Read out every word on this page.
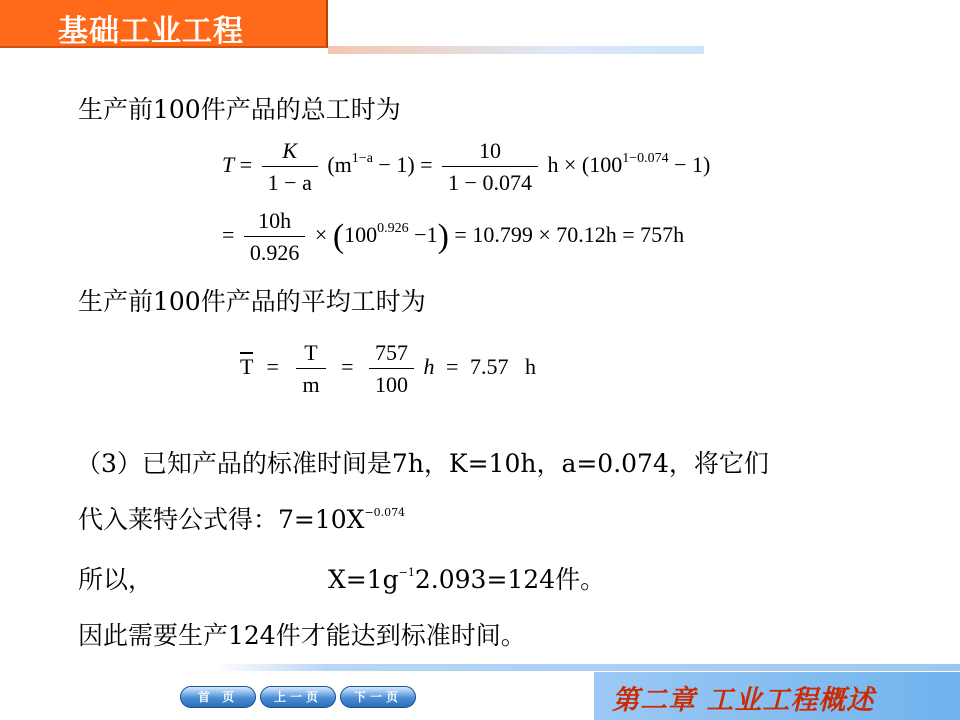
基础工业工程
生产前100件产品的总工时为
$T = \frac{K}{1 - a} (m^{1-a} - 1) = \frac{10}{1 - 0.074}$ $h \times (100^{1-0.074} - 1)$
= $\frac{10h}{0.926} \times (100^{0.926} -1) = 10.799 \times 70.12h = 757h$
生产前100件产品的平均工时为
$\overline{T} = \frac{T}{m} = \frac{757}{100}$ h = 7.57   h
（3）已知产品的标准时间是7h，K=10h，a=0.074，将它们
代入莱特公式得：$7=10X^{-0.074}$
所以，	$X=1g^{-1}2.093=124$件。
因此需要生产124件才能达到标准时间。
首 页	上一页	下一页	第二章 工业工程概述
